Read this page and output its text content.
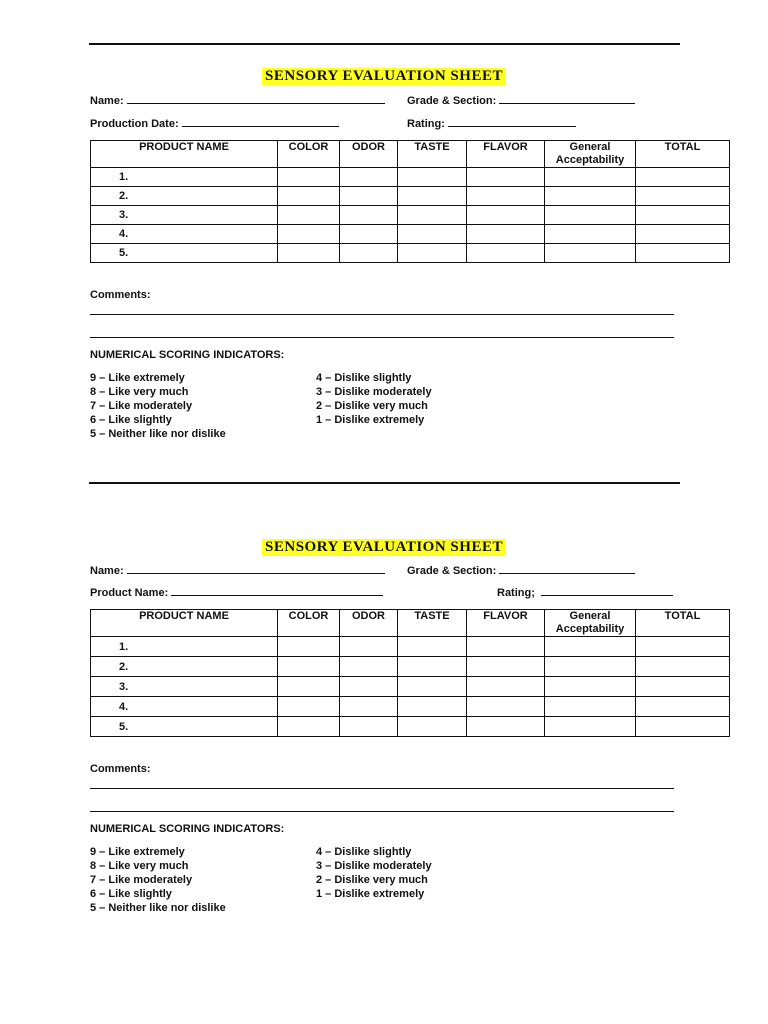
SENSORY EVALUATION SHEET
Name:	Grade & Section:
Production Date:	Rating:
PRODUCT NAME	COLOR	ODOR	TASTE	FLAVOR	General Acceptability	TOTAL
1.						
2.						
3.						
4.						
5.						
Comments:
NUMERICAL SCORING INDICATORS:
9 – Like extremely
8 – Like very much
7 – Like moderately
6 – Like slightly
5 – Neither like nor dislike
4 – Dislike slightly
3 – Dislike moderately
2 – Dislike very much
1 – Dislike extremely
SENSORY EVALUATION SHEET
Name:	Grade & Section:
Product Name:	Rating;
PRODUCT NAME	COLOR	ODOR	TASTE	FLAVOR	General Acceptability	TOTAL
1.						
2.						
3.						
4.						
5.						
Comments:
NUMERICAL SCORING INDICATORS:
9 – Like extremely
8 – Like very much
7 – Like moderately
6 – Like slightly
5 – Neither like nor dislike
4 – Dislike slightly
3 – Dislike moderately
2 – Dislike very much
1 – Dislike extremely
